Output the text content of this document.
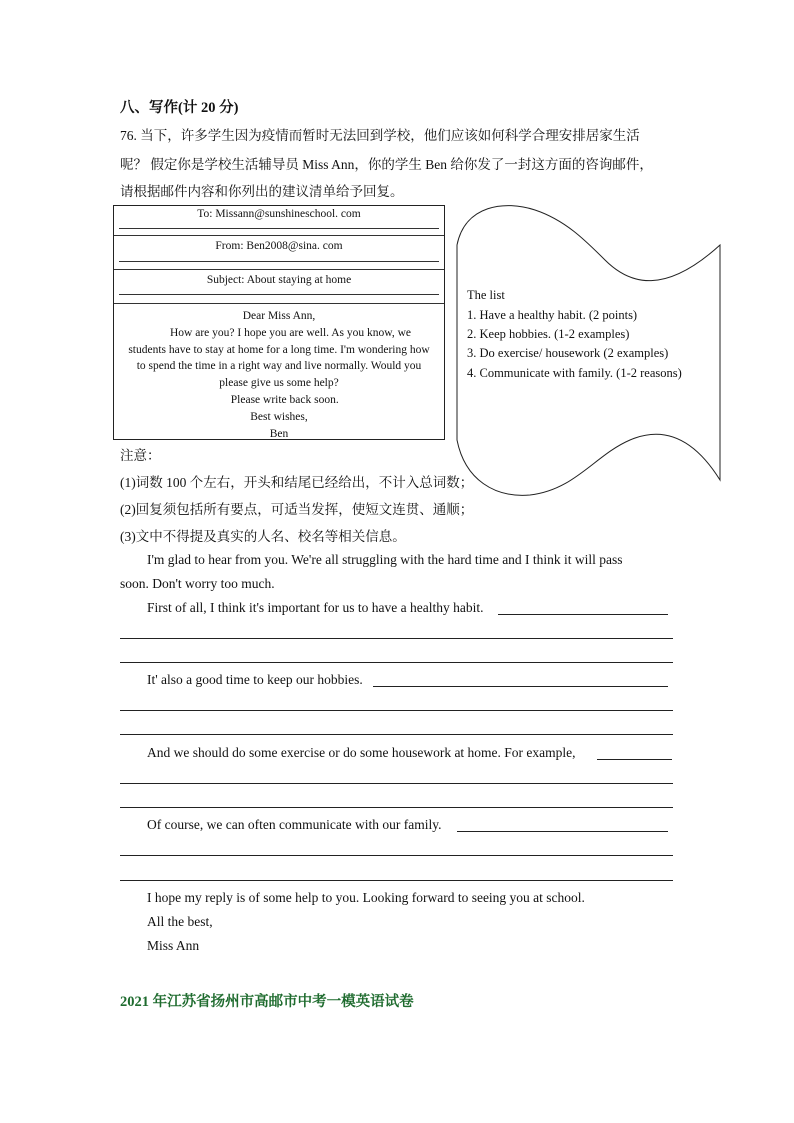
八、写作(计 20 分)
76. 当下，许多学生因为疫情而暂时无法回到学校，他们应该如何科学合理安排居家生活
呢？ 假定你是学校生活辅导员 Miss Ann，你的学生 Ben 给你发了一封这方面的咨询邮件，
请根据邮件内容和你列出的建议清单给予回复。
To: Missann@sunshineschool. com
From: Ben2008@sina. com
Subject: About staying at home

Dear Miss Ann,

How are you? I hope you are well. As you know, we

students have to stay at home for a long time. I'm wondering how

to spend the time in a right way and live normally. Would you

please give us some help?

Please write back soon.

Best wishes,

Ben

The list
1. Have a healthy habit. (2 points)
2. Keep hobbies. (1-2 examples)
3. Do exercise/ housework (2 examples)
4. Communicate with family. (1-2 reasons)
注意：
(1)词数 100 个左右，开头和结尾已经给出，不计入总词数；
(2)回复须包括所有要点，可适当发挥，使短文连贯、通顺；
(3)文中不得提及真实的人名、校名等相关信息。
I'm glad to hear from you. We're all struggling with the hard time and I think it will pass
soon. Don't worry too much.
First of all, I think it's important for us to have a healthy habit.
It' also a good time to keep our hobbies.
And we should do some exercise or do some housework at home. For example,
Of course, we can often communicate with our family.
I hope my reply is of some help to you. Looking forward to seeing you at school.
All the best,
Miss Ann
2021 年江苏省扬州市高邮市中考一模英语试卷
